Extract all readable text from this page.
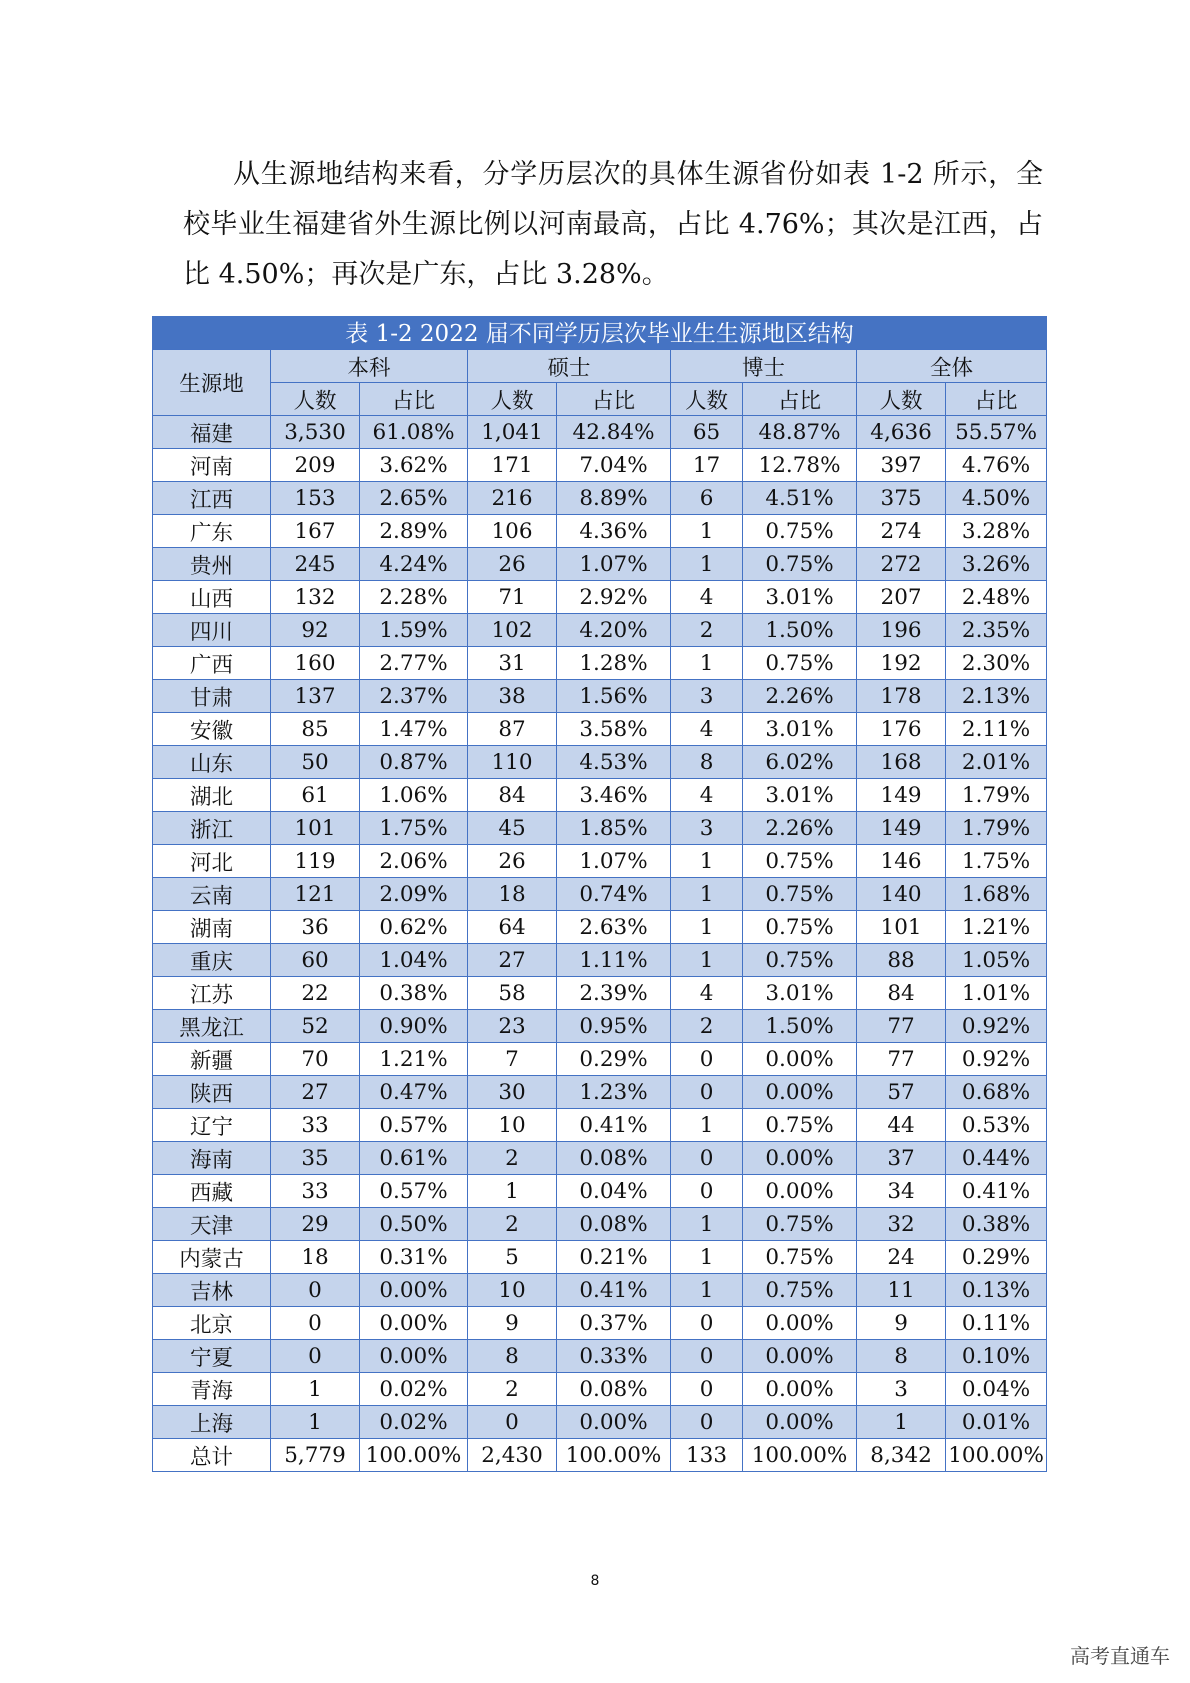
从生源地结构来看，分学历层次的具体生源省份如表 1-2 所示，全校毕业生福建省外生源比例以河南最高，占比 4.76%；其次是江西，占比 4.50%；再次是广东，占比 3.28%。

表 1-2 2022 届不同学历层次毕业生生源地区结构
生源地	本科		硕士		博士		全体	
	人数	占比	人数	占比	人数	占比	人数	占比
福建	3,530	61.08%	1,041	42.84%	65	48.87%	4,636	55.57%
河南	209	3.62%	171	7.04%	17	12.78%	397	4.76%
江西	153	2.65%	216	8.89%	6	4.51%	375	4.50%
广东	167	2.89%	106	4.36%	1	0.75%	274	3.28%
贵州	245	4.24%	26	1.07%	1	0.75%	272	3.26%
山西	132	2.28%	71	2.92%	4	3.01%	207	2.48%
四川	92	1.59%	102	4.20%	2	1.50%	196	2.35%
广西	160	2.77%	31	1.28%	1	0.75%	192	2.30%
甘肃	137	2.37%	38	1.56%	3	2.26%	178	2.13%
安徽	85	1.47%	87	3.58%	4	3.01%	176	2.11%
山东	50	0.87%	110	4.53%	8	6.02%	168	2.01%
湖北	61	1.06%	84	3.46%	4	3.01%	149	1.79%
浙江	101	1.75%	45	1.85%	3	2.26%	149	1.79%
河北	119	2.06%	26	1.07%	1	0.75%	146	1.75%
云南	121	2.09%	18	0.74%	1	0.75%	140	1.68%
湖南	36	0.62%	64	2.63%	1	0.75%	101	1.21%
重庆	60	1.04%	27	1.11%	1	0.75%	88	1.05%
江苏	22	0.38%	58	2.39%	4	3.01%	84	1.01%
黑龙江	52	0.90%	23	0.95%	2	1.50%	77	0.92%
新疆	70	1.21%	7	0.29%	0	0.00%	77	0.92%
陕西	27	0.47%	30	1.23%	0	0.00%	57	0.68%
辽宁	33	0.57%	10	0.41%	1	0.75%	44	0.53%
海南	35	0.61%	2	0.08%	0	0.00%	37	0.44%
西藏	33	0.57%	1	0.04%	0	0.00%	34	0.41%
天津	29	0.50%	2	0.08%	1	0.75%	32	0.38%
内蒙古	18	0.31%	5	0.21%	1	0.75%	24	0.29%
吉林	0	0.00%	10	0.41%	1	0.75%	11	0.13%
北京	0	0.00%	9	0.37%	0	0.00%	9	0.11%
宁夏	0	0.00%	8	0.33%	0	0.00%	8	0.10%
青海	1	0.02%	2	0.08%	0	0.00%	3	0.04%
上海	1	0.02%	0	0.00%	0	0.00%	1	0.01%
总计	5,779	100.00%	2,430	100.00%	133	100.00%	8,342	100.00%
8
高考直通车
